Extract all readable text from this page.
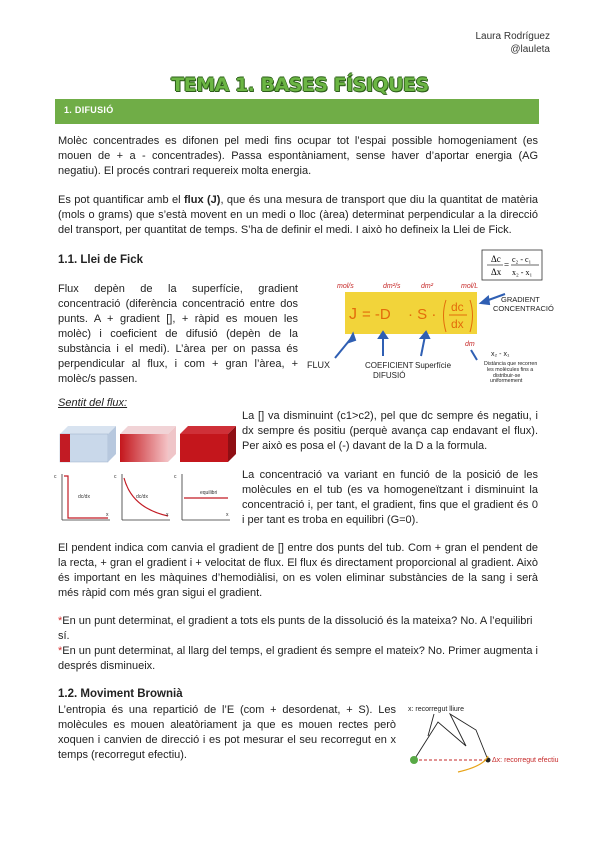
Laura Rodríguez
@lauleta
TEMA 1. BASES FÍSIQUES
1. DIFUSIÓ

Molèc concentrades es difonen pel medi fins ocupar tot l’espai possible homogeniament (es mouen de + a - concentrades). Passa espontàniament, sense haver d’aportar energia (AG negatiu). El procés contrari requereix molta energia.

Es pot quantificar amb el flux (J), que és una mesura de transport que diu la quantitat de matèria (mols o grams) que s’està movent en un medi o lloc (àrea) determinat perpendicular a la direcció del transport, per quantitat de temps. S’ha de definir el medi. I això ho defineix la Llei de Fick.

1.1. Llei de Fick

Flux depèn de la superfície, gradient concentració (diferència concentració entre dos punts. A + gradient [], + ràpid es mouen les molèc) i coeficient de difusió (depèn de la substància i el medi). L’àrea per on passa és perpendicular al flux, i com + gran l’àrea, + molèc/s passen.

Δc
Δx
=
c₂ - c₁
x₂ - x₁
J = -D · S · dc
dx
mol/s	dm²/s	dm²	mol/L
dm
FLUX	COEFICIENT
DIFUSIÓ
Superfície
GRADIENT
CONCENTRACIÓ
x₂ - x₁
Distància que recorren
les molècules fins a
distribuir-se
uniformement
Sentit del flux:
c
dc/dx
x
c
dc/dx
x
c
equilibri
x

La [] va disminuint (c1>c2), pel que dc sempre és negatiu, i dx sempre és positiu (perquè avança cap endavant el flux). Per això es posa el (-) davant de la D a la formula.

La concentració va variant en funció de la posició de les molècules en el tub (es va homogeneïtzant i disminuint la concentració i, per tant, el gradient, fins que el gradient és 0 i per tant es troba en equilibri (G=0).

El pendent indica com canvia el gradient de [] entre dos punts del tub. Com + gran el pendent de la recta, + gran el gradient i + velocitat de flux. El flux és directament proporcional al gradient. Això és important en les màquines d’hemodiàlisi, on es volen eliminar substàncies de la sang i serà més ràpid com més gran sigui el gradient.

*En un punt determinat, el gradient a tots els punts de la dissolució és la mateixa? No. A l’equilibri sí.

*En un punt determinat, al llarg del temps, el gradient és sempre el mateix? No. Primer augmenta i després disminueix.

1.2. Moviment Brownià

L’entropia és una repartició de l’E (com + desordenat, + S). Les molècules es mouen aleatòriament ja que es mouen rectes però xoquen i canvien de direcció i es pot mesurar el seu recorregut en x temps (recorregut efectiu).

x: recorregut lliure
Δx: recorregut efectiu
